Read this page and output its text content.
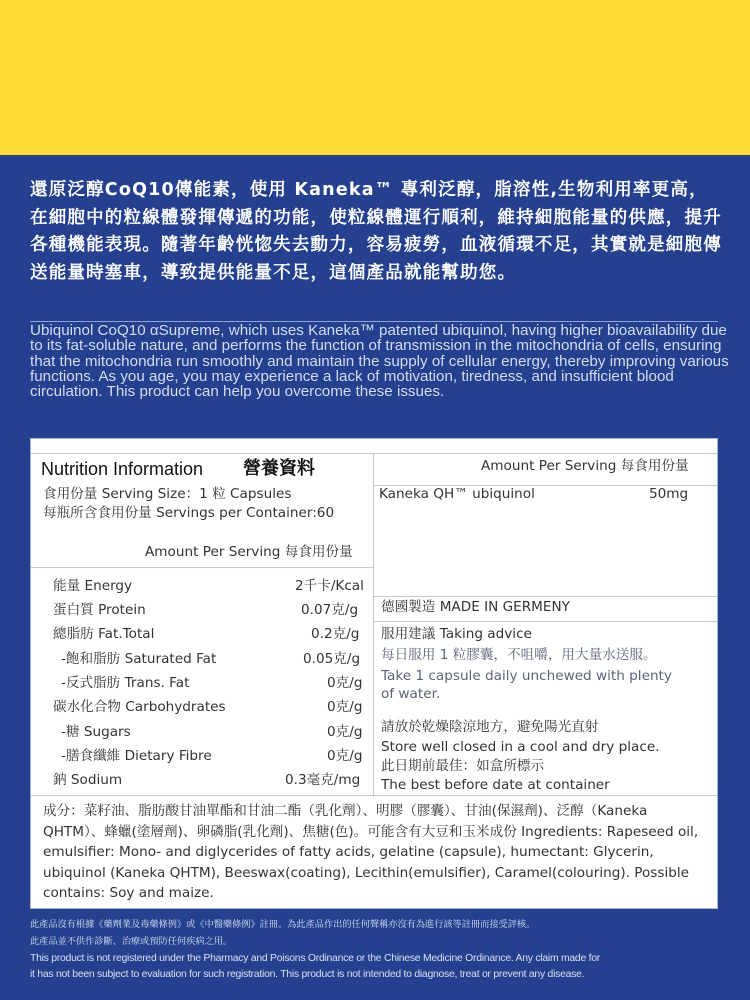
還原泛醇CoQ10傳能素，使用 Kaneka™ 專利泛醇，脂溶性,生物利用率更高，在細胞中的粒線體發揮傳遞的功能，使粒線體運行順利，維持細胞能量的供應，提升各種機能表現。隨著年齡恍惚失去動力，容易疲勞，血液循環不足，其實就是細胞傳送能量時塞車，導致提供能量不足，這個產品就能幫助您。

Ubiquinol CoQ10 αSupreme, which uses Kaneka™ patented ubiquinol, having higher bioavailability due to its fat-soluble nature, and performs the function of transmission in the mitochondria of cells, ensuring that the mitochondria run smoothly and maintain the supply of cellular energy, thereby improving various functions. As you age, you may experience a lack of motivation, tiredness, and insufficient blood circulation. This product can help you overcome these issues.

Nutrition Information 營養資料
食用份量 Serving Size：1 粒 Capsules
每瓶所含食用份量 Servings per Container:60
Amount Per Serving 每食用份量
能量 Energy	2千卡/Kcal
蛋白質 Protein	0.07克/g
總脂肪 Fat.Total	0.2克/g
-飽和脂肪 Saturated Fat	0.05克/g
-反式脂肪 Trans. Fat	0克/g
碳水化合物 Carbohydrates	0克/g
-糖 Sugars	0克/g
-膳食纖維 Dietary Fibre	0克/g
鈉 Sodium	0.3毫克/mg
Amount Per Serving 每食用份量
Kaneka QH™ ubiquinol	50mg
德國製造 MADE IN GERMENY
服用建議 Taking advice
每日服用 1 粒膠囊，不咀嚼，用大量水送服。
Take 1 capsule daily unchewed with plenty
of water.
請放於乾燥陰涼地方，避免陽光直射
Store well closed in a cool and dry place.
此日期前最佳：如盒所標示
The best before date at container

成分：菜籽油、脂肪酸甘油單酯和甘油二酯（乳化劑）、明膠（膠囊）、甘油(保濕劑)、泛醇（Kaneka QHTM）、蜂蠟(塗層劑)、卵磷脂(乳化劑)、焦糖(色)。可能含有大豆和玉米成份 Ingredients: Rapeseed oil, emulsifier: Mono- and diglycerides of fatty acids, gelatine (capsule), humectant: Glycerin, ubiquinol (Kaneka QHTM), Beeswax(coating), Lecithin(emulsifier), Caramel(colouring). Possible contains: Soy and maize.

此產品沒有根據《藥劑業及毒藥條例》或《中醫藥條例》註冊。為此產品作出的任何聲稱亦沒有為進行該等註冊而接受評核。
此產品並不供作診斷、治療或預防任何疾病之用。
This product is not registered under the Pharmacy and Poisons Ordinance or the Chinese Medicine Ordinance. Any claim made for
it has not been subject to evaluation for such registration. This product is not intended to diagnose, treat or prevent any disease.
